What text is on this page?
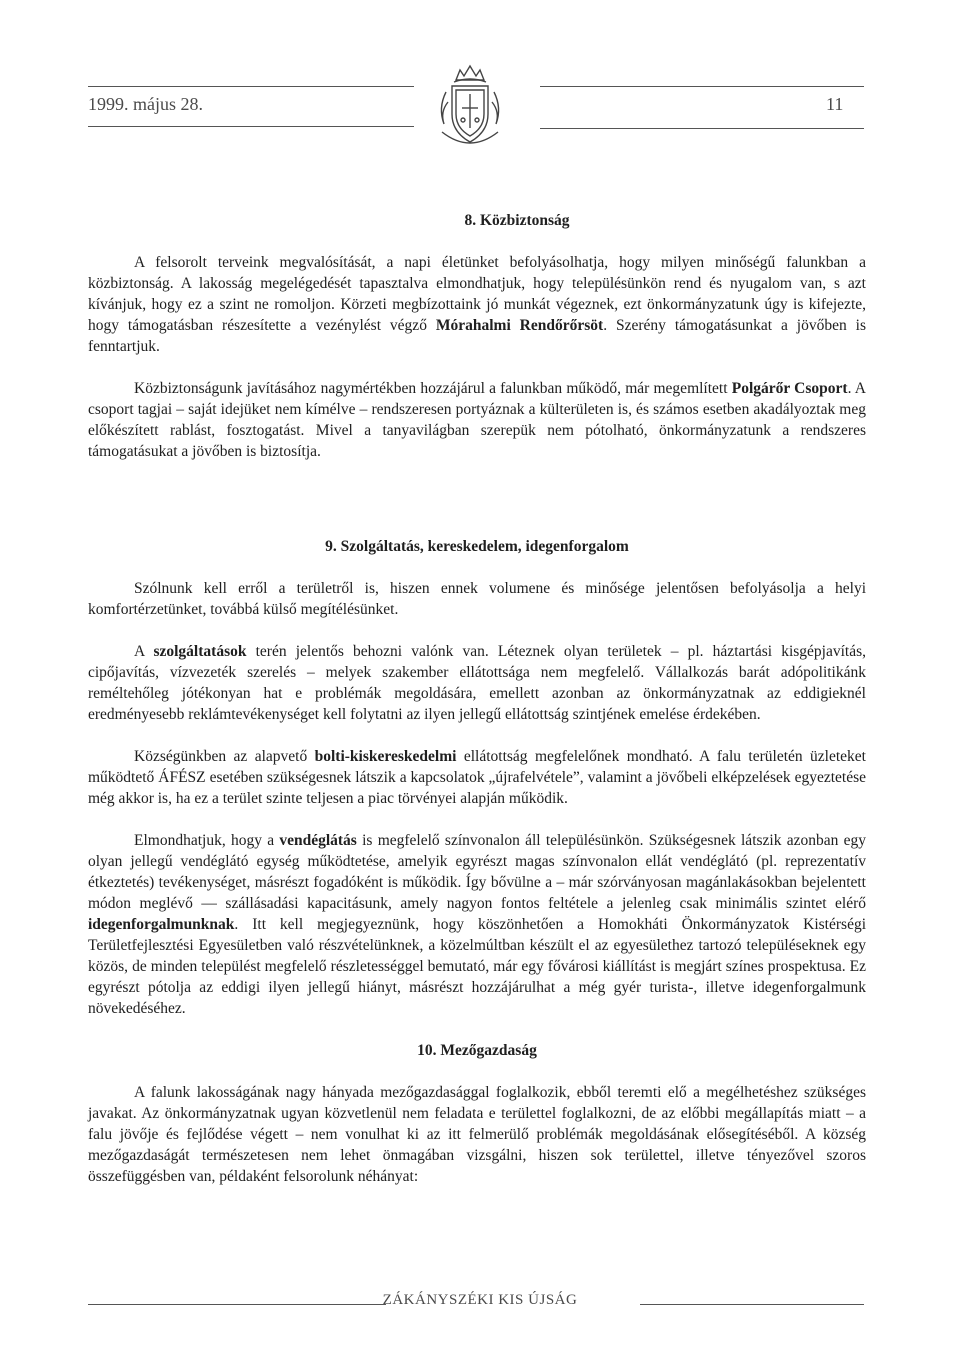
1999. május 28.	11
8. Közbiztonság

A felsorolt terveink megvalósítását, a napi életünket befolyásolhatja, hogy milyen minőségű falunkban a közbiztonság. A lakosság megelégedését tapasztalva elmondhatjuk, hogy településünkön rend és nyugalom van, s azt kívánjuk, hogy ez a szint ne romoljon. Körzeti megbízottaink jó munkát végeznek, ezt önkormányzatunk úgy is kifejezte, hogy támogatásban részesítette a vezénylést végző Mórahalmi Rendőrőrsöt. Szerény támogatásunkat a jövőben is fenntartjuk.

Közbiztonságunk javításához nagymértékben hozzájárul a falunkban működő, már megemlített Polgárőr Csoport. A csoport tagjai – saját idejüket nem kímélve – rendszeresen portyáznak a külterületen is, és számos esetben akadályoztak meg előkészített rablást, fosztogatást. Mivel a tanyavilágban szerepük nem pótolható, önkormányzatunk a rendszeres támogatásukat a jövőben is biztosítja.

9. Szolgáltatás, kereskedelem, idegenforgalom

Szólnunk kell erről a területről is, hiszen ennek volumene és minősége jelentősen befolyásolja a helyi komfortérzetünket, továbbá külső megítélésünket.

A szolgáltatások terén jelentős behozni valónk van. Léteznek olyan területek – pl. háztartási kisgépjavítás, cipőjavítás, vízvezeték szerelés – melyek szakember ellátottsága nem megfelelő. Vállalkozás barát adópolitikánk reméltehőleg jótékonyan hat e problémák megoldására, emellett azonban az önkormányzatnak az eddigieknél eredményesebb reklámtevékenységet kell folytatni az ilyen jellegű ellátottság szintjének emelése érdekében.

Községünkben az alapvető bolti-kiskereskedelmi ellátottság megfelelőnek mondható. A falu területén üzleteket működtető ÁFÉSZ esetében szükségesnek látszik a kapcsolatok „újrafelvétele”, valamint a jövőbeli elképzelések egyeztetése még akkor is, ha ez a terület szinte teljesen a piac törvényei alapján működik.

Elmondhatjuk, hogy a vendéglátás is megfelelő színvonalon áll településünkön. Szükségesnek látszik azonban egy olyan jellegű vendéglátó egység működtetése, amelyik egyrészt magas színvonalon ellát vendéglátó (pl. reprezentatív étkeztetés) tevékenységet, másrészt fogadóként is működik. Így bővülne a – már szórványosan magánlakásokban bejelentett módon meglévő — szállásadási kapacitásunk, amely nagyon fontos feltétele a jelenleg csak minimális szintet elérő idegenforgalmunknak. Itt kell megjegyeznünk, hogy köszönhetően a Homokháti Önkormányzatok Kistérségi Területfejlesztési Egyesületben való részvételünknek, a közelmúltban készült el az egyesülethez tartozó településeknek egy közös, de minden települést megfelelő részletességgel bemutató, már egy fővárosi kiállítást is megjárt színes prospektusa. Ez egyrészt pótolja az eddigi ilyen jellegű hiányt, másrészt hozzájárulhat a még gyér turista-, illetve idegenforgalmunk növekedéséhez.

10. Mezőgazdaság

A falunk lakosságának nagy hányada mezőgazdasággal foglalkozik, ebből teremti elő a megélhetéshez szükséges javakat. Az önkormányzatnak ugyan közvetlenül nem feladata e területtel foglalkozni, de az előbbi megállapítás miatt – a falu jövője és fejlődése végett – nem vonulhat ki az itt felmerülő problémák megoldásának elősegítéséből. A község mezőgazdaságát természetesen nem lehet önmagában vizsgálni, hiszen sok területtel, illetve tényezővel szoros összefüggésben van, példaként felsorolunk néhányat:

ZÁKÁNYSZÉKI KIS ÚJSÁG
